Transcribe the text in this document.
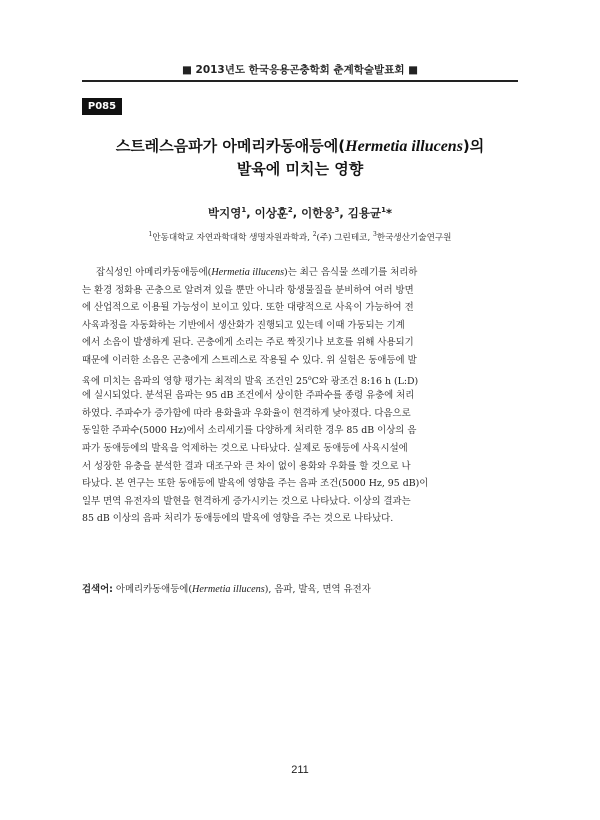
■ 2013년도 한국응용곤충학회 춘계학술발표회 ■
P085
스트레스음파가 아메리카동애등에(Hermetia illucens)의
발육에 미치는 영향
박지영$^1$, 이상훈$^2$, 이한웅$^3$, 김용균$^1$*
$^1$안동대학교 자연과학대학 생명자원과학과, $^2$(주) 그린테코, $^3$한국생산기술연구원

잡식성인 아메리카동애등에(Hermetia illucens)는 최근 음식물 쓰레기를 처리하
는 환경 정화용 곤충으로 알려져 있을 뿐만 아니라 항생물질을 분비하여 여러 방면
에 산업적으로 이용될 가능성이 보이고 있다. 또한 대량적으로 사육이 가능하여 전
사육과정을 자동화하는 기반에서 생산화가 진행되고 있는데 이때 가동되는 기계
에서 소음이 발생하게 된다. 곤충에게 소리는 주로 짝짓기나 보호를 위해 사용되기
때문에 이러한 소음은 곤충에게 스트레스로 작용될 수 있다. 위 실험은 동애등에 발
육에 미치는 음파의 영향 평가는 최적의 발육 조건인 25$^o$C와 광조건 8:16 h (L:D)
에 실시되었다. 분석된 음파는 95 dB 조건에서 상이한 주파수를 종령 유충에 처리
하였다. 주파수가 증가함에 따라 용화율과 우화율이 현격하게 낮아졌다. 다음으로
동일한 주파수(5000 Hz)에서 소리세기를 다양하게 처리한 경우 85 dB 이상의 음
파가 동애등에의 발육을 억제하는 것으로 나타났다. 실제로 동애등에 사육시설에
서 성장한 유충을 분석한 결과 대조구와 큰 차이 없이 용화와 우화를 할 것으로 나
타났다. 본 연구는 또한 동애등에 발육에 영향을 주는 음파 조건(5000 Hz, 95 dB)이
일부 면역 유전자의 발현을 현격하게 증가시키는 것으로 나타났다. 이상의 결과는
85 dB 이상의 음파 처리가 동애등에의 발육에 영향을 주는 것으로 나타났다.

검색어: 아메리카동애등에(Hermetia illucens), 음파, 발육, 면역 유전자
211
